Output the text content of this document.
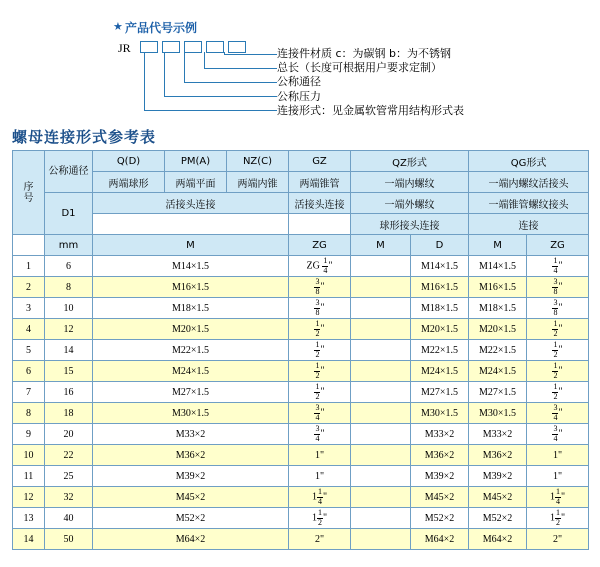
★ 产品代号示例
JR	连接件材质 c：为碳钢 b：为不锈钢
总长（长度可根据用户要求定制）
公称通径
公称压力
连接形式：见金属软管常用结构形式表
螺母连接形式参考表
序号	公称通径	Q(D)	PM(A)	NZ(C)	GZ	QZ形式		QG形式	
		两端球形	两端平面	两端内锥	两端锥管	一端内螺纹		一端内螺纹活接头	
	D1	活接头连接			活接头连接	一端外螺纹		一端锥管螺纹接头	
						球形接头连接		连接	
	mm	M			ZG	M	D	M	ZG
1	6	M14×1.5			ZG $\frac{1}{4}$ "		M14×1.5	M14×1.5	$\frac{1}{4}$ "
2	8	M16×1.5			$\frac{3}{8}$ "		M16×1.5	M16×1.5	$\frac{3}{8}$ "
3	10	M18×1.5			$\frac{3}{8}$ "		M18×1.5	M18×1.5	$\frac{3}{8}$ "
4	12	M20×1.5			$\frac{1}{2}$ "		M20×1.5	M20×1.5	$\frac{1}{2}$ "
5	14	M22×1.5			$\frac{1}{2}$ "		M22×1.5	M22×1.5	$\frac{1}{2}$ "
6	15	M24×1.5			$\frac{1}{2}$ "		M24×1.5	M24×1.5	$\frac{1}{2}$ "
7	16	M27×1.5			$\frac{1}{2}$ "		M27×1.5	M27×1.5	$\frac{1}{2}$ "
8	18	M30×1.5			$\frac{3}{4}$ "		M30×1.5	M30×1.5	$\frac{3}{4}$ "
9	20	M33×2			$\frac{3}{4}$ "		M33×2	M33×2	$\frac{3}{4}$ "
10	22	M36×2			1"		M36×2	M36×2	1"
11	25	M39×2			1"		M39×2	M39×2	1"
12	32	M45×2			$1 \frac{1}{4}$ "		M45×2	M45×2	$1 \frac{1}{4}$ "
13	40	M52×2			$1 \frac{1}{2}$ "		M52×2	M52×2	$1 \frac{1}{2}$ "
14	50	M64×2			2"		M64×2	M64×2	2"
